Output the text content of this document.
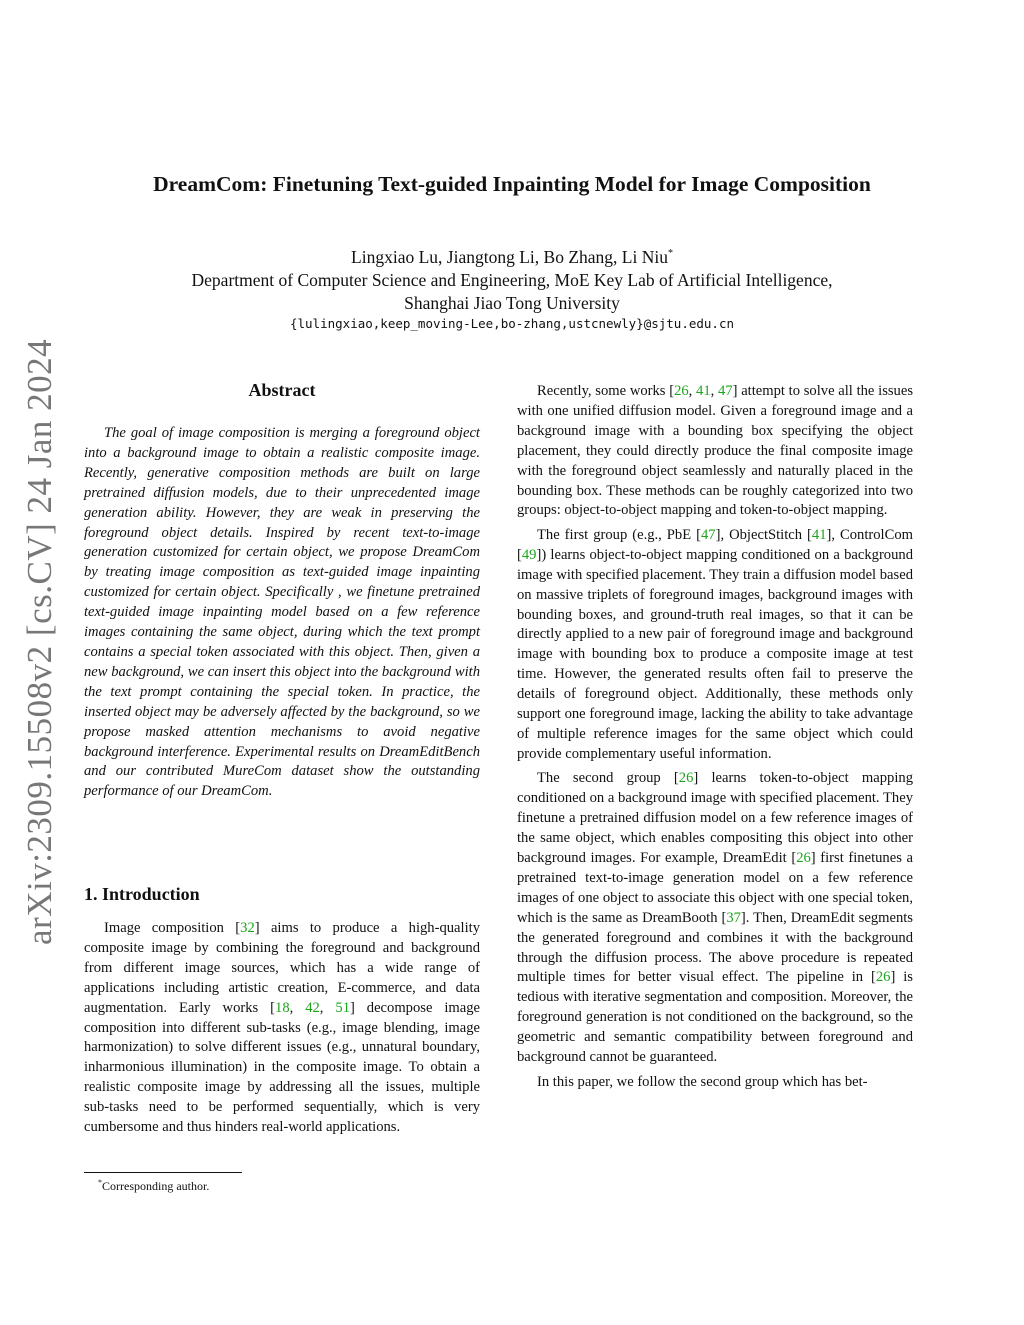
arXiv:2309.15508v2 [cs.CV] 24 Jan 2024
DreamCom: Finetuning Text-guided Inpainting Model for Image Composition
Lingxiao Lu, Jiangtong Li, Bo Zhang, Li Niu*
Department of Computer Science and Engineering, MoE Key Lab of Artificial Intelligence,
Shanghai Jiao Tong University
{lulingxiao,keep_moving-Lee,bo-zhang,ustcnewly}@sjtu.edu.cn
Abstract

The goal of image composition is merging a foreground object into a background image to obtain a realistic composite image. Recently, generative composition methods are built on large pretrained diffusion models, due to their unprecedented image generation ability. However, they are weak in preserving the foreground object details. Inspired by recent text-to-image generation customized for certain object, we propose DreamCom by treating image composition as text-guided image inpainting customized for certain object. Specifically , we finetune pretrained text-guided image inpainting model based on a few reference images containing the same object, during which the text prompt contains a special token associated with this object. Then, given a new background, we can insert this object into the background with the text prompt containing the special token. In practice, the inserted object may be adversely affected by the background, so we propose masked attention mechanisms to avoid negative background interference. Experimental results on DreamEditBench and our contributed MureCom dataset show the outstanding performance of our DreamCom.

1. Introduction

Image composition [32] aims to produce a high-quality composite image by combining the foreground and background from different image sources, which has a wide range of applications including artistic creation, E-commerce, and data augmentation. Early works [18, 42, 51] decompose image composition into different sub-tasks (e.g., image blending, image harmonization) to solve different issues (e.g., unnatural boundary, inharmonious illumination) in the composite image. To obtain a realistic composite image by addressing all the issues, multiple sub-tasks need to be performed sequentially, which is very cumbersome and thus hinders real-world applications.

Recently, some works [26, 41, 47] attempt to solve all the issues with one unified diffusion model. Given a foreground image and a background image with a bounding box specifying the object placement, they could directly produce the final composite image with the foreground object seamlessly and naturally placed in the bounding box. These methods can be roughly categorized into two groups: object-to-object mapping and token-to-object mapping.

The first group (e.g., PbE [47], ObjectStitch [41], ControlCom [49]) learns object-to-object mapping conditioned on a background image with specified placement. They train a diffusion model based on massive triplets of foreground images, background images with bounding boxes, and ground-truth real images, so that it can be directly applied to a new pair of foreground image and background image with bounding box to produce a composite image at test time. However, the generated results often fail to preserve the details of foreground object. Additionally, these methods only support one foreground image, lacking the ability to take advantage of multiple reference images for the same object which could provide complementary useful information.

The second group [26] learns token-to-object mapping conditioned on a background image with specified placement. They finetune a pretrained diffusion model on a few reference images of the same object, which enables compositing this object into other background images. For example, DreamEdit [26] first finetunes a pretrained text-to-image generation model on a few reference images of one object to associate this object with one special token, which is the same as DreamBooth [37]. Then, DreamEdit segments the generated foreground and combines it with the background through the diffusion process. The above procedure is repeated multiple times for better visual effect. The pipeline in [26] is tedious with iterative segmentation and composition. Moreover, the foreground generation is not conditioned on the background, so the geometric and semantic compatibility between foreground and background cannot be guaranteed.

In this paper, we follow the second group which has bet-

*Corresponding author.
